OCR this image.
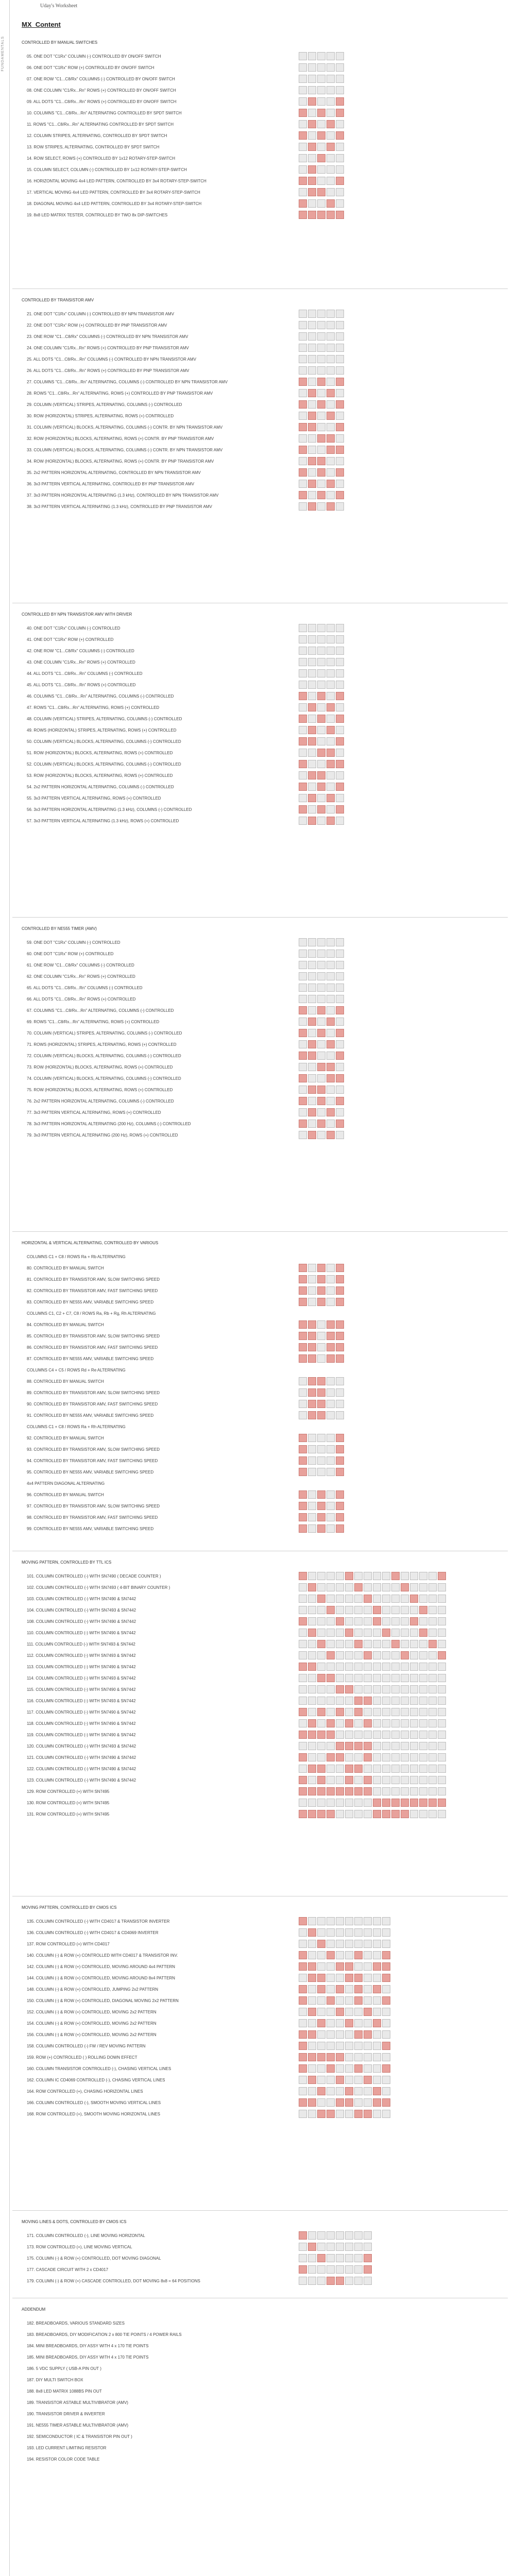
FUNDAMENTALS
Uday's Worksheet
MX_Content
CONTROLLED BY MANUAL SWITCHES
05. ONE DOT "C1Rx" COLUMN (-) CONTROLLED BY ON/OFF SWITCH
06. ONE DOT "C1Rx" ROW (+) CONTROLLED BY ON/OFF SWITCH
07. ONE ROW "C1...C8/Rx" COLUMNS (-) CONTROLLED BY ON/OFF SWITCH
08. ONE COLUMN "C1/Rx...Rn" ROWS (+) CONTROLLED BY ON/OFF SWITCH
09. ALL DOTS "C1...C8/Rx...Rn" ROWS (+) CONTROLLED BY ON/OFF SWITCH
10. COLUMNS "C1...C8/Rx...Rn" ALTERNATING CONTROLLED BY SPDT SWITCH
11. ROWS "C1...C8/Rx...Rn" ALTERNATING CONTROLLED BY SPDT SWITCH
12. COLUMN STRIPES, ALTERNATING, CONTROLLED BY SPDT SWITCH
13. ROW STRIPES, ALTERNATING, CONTROLLED BY SPDT SWITCH
14. ROW SELECT, ROWS (+) CONTROLLED BY 1x12 ROTARY-STEP-SWITCH
15. COLUMN SELECT, COLUMN (-) CONTROLLED BY 1x12 ROTARY-STEP-SWITCH
16. HORIZONTAL MOVING 4x4 LED PATTERN, CONTROLLED BY 3x4 ROTARY-STEP-SWITCH
17. VERTICAL MOVING 4x4 LED PATTERN, CONTROLLED BY 3x4 ROTARY-STEP-SWITCH
18. DIAGONAL MOVING 4x4 LED PATTERN, CONTROLLED BY 3x4 ROTARY-STEP-SWITCH
19. 8x8 LED MATRIX TESTER, CONTROLLED BY TWO 8x DIP-SWITCHES
CONTROLLED BY TRANSISTOR AMV
21. ONE DOT "C1Rx" COLUMN (-) CONTROLLED BY NPN TRANSISTOR AMV
22. ONE DOT "C1Rx" ROW (+) CONTROLLED BY PNP TRANSISTOR AMV
23. ONE ROW "C1...C8/Rx" COLUMNS (-) CONTROLLED BY NPN TRANSISTOR AMV
24. ONE COLUMN "C1/Rx...Rn" ROWS (+) CONTROLLED BY PNP TRANSISTOR AMV
25. ALL DOTS "C1...C8/Rx...Rn" COLUMNS (-) CONTROLLED BY NPN TRANSISTOR AMV
26. ALL DOTS "C1...C8/Rx...Rn" ROWS (+) CONTROLLED BY PNP TRANSISTOR AMV
27. COLUMNS "C1...C8/Rx...Rn" ALTERNATING, COLUMNS (-) CONTROLLED BY NPN TRANSISTOR AMV
28. ROWS "C1...C8/Rx...Rn" ALTERNATING, ROWS (+) CONTROLLED BY PNP TRANSISTOR AMV
29. COLUMN (VERTICAL) STRIPES, ALTERNATING, COLUMNS (-) CONTROLLED
30. ROW (HORIZONTAL) STRIPES, ALTERNATING, ROWS (+) CONTROLLED
31. COLUMN (VERTICAL) BLOCKS, ALTERNATING, COLUMNS (-) CONTR. BY NPN TRANSISTOR AMV
32. ROW (HORIZONTAL) BLOCKS, ALTERNATING, ROWS (+) CONTR. BY PNP TRANSISTOR AMV
33. COLUMN (VERTICAL) BLOCKS, ALTERNATING, COLUMNS (-) CONTR. BY NPN TRANSISTOR AMV
34. ROW (HORIZONTAL) BLOCKS, ALTERNATING, ROWS (+) CONTR. BY PNP TRANSISTOR AMV
35. 2x2 PATTERN HORIZONTAL ALTERNATING, CONTROLLED BY NPN TRANSISTOR AMV
36. 3x3 PATTERN VERTICAL ALTERNATING, CONTROLLED BY PNP TRANSISTOR AMV
37. 3x3 PATTERN HORIZONTAL ALTERNATING (1.3 kHz), CONTROLLED BY NPN TRANSISTOR AMV
38. 3x3 PATTERN VERTICAL ALTERNATING (1.3 kHz), CONTROLLED BY PNP TRANSISTOR AMV
CONTROLLED BY NPN TRANSISTOR AMV WITH DRIVER
40. ONE DOT "C1Rx" COLUMN (-) CONTROLLED
41. ONE DOT "C1Rx" ROW (+) CONTROLLED
42. ONE ROW "C1...C8/Rx" COLUMNS (-) CONTROLLED
43. ONE COLUMN "C1/Rx...Rn" ROWS (+) CONTROLLED
44. ALL DOTS "C1...C8/Rx...Rn" COLUMNS (-) CONTROLLED
45. ALL DOTS "C1...C8/Rx...Rn" ROWS (+) CONTROLLED
46. COLUMNS "C1...C8/Rx...Rn" ALTERNATING, COLUMNS (-) CONTROLLED
47. ROWS "C1...C8/Rx...Rn" ALTERNATING, ROWS (+) CONTROLLED
48. COLUMN (VERTICAL) STRIPES, ALTERNATING, COLUMNS (-) CONTROLLED
49. ROWS (HORIZONTAL) STRIPES, ALTERNATING, ROWS (+) CONTROLLED
50. COLUMN (VERTICAL) BLOCKS, ALTERNATING, COLUMNS (-) CONTROLLED
51. ROW (HORIZONTAL) BLOCKS, ALTERNATING, ROWS (+) CONTROLLED
52. COLUMN (VERTICAL) BLOCKS, ALTERNATING, COLUMNS (-) CONTROLLED
53. ROW (HORIZONTAL) BLOCKS, ALTERNATING, ROWS (+) CONTROLLED
54. 2x2 PATTERN HORIZONTAL ALTERNATING, COLUMNS (-) CONTROLLED
55. 3x3 PATTERN VERTICAL ALTERNATING, ROWS (+) CONTROLLED
56. 3x3 PATTERN HORIZONTAL ALTERNATING (1.3 kHz), COLUMNS (-) CONTROLLED
57. 3x3 PATTERN VERTICAL ALTERNATING (1.3 kHz), ROWS (+) CONTROLLED
CONTROLLED BY NE555 TIMER (AMV)
59. ONE DOT "C1Rx" COLUMN (-) CONTROLLED
60. ONE DOT "C1Rx" ROW (+) CONTROLLED
61. ONE ROW "C1...C8/Rx" COLUMNS (-) CONTROLLED
62. ONE COLUMN "C1/Rx...Rn" ROWS (+) CONTROLLED
65. ALL DOTS "C1...C8/Rx...Rn" COLUMNS (-) CONTROLLED
66. ALL DOTS "C1...C8/Rx...Rn" ROWS (+) CONTROLLED
67. COLUMNS "C1...C8/Rx...Rn" ALTERNATING, COLUMNS (-) CONTROLLED
69. ROWS "C1...C8/Rx...Rn" ALTERNATING, ROWS (+) CONTROLLED
70. COLUMN (VERTICAL) STRIPES, ALTERNATING, COLUMNS (-) CONTROLLED
71. ROWS (HORIZONTAL) STRIPES, ALTERNATING, ROWS (+) CONTROLLED
72. COLUMN (VERTICAL) BLOCKS, ALTERNATING, COLUMNS (-) CONTROLLED
73. ROW (HORIZONTAL) BLOCKS, ALTERNATING, ROWS (+) CONTROLLED
74. COLUMN (VERTICAL) BLOCKS, ALTERNATING, COLUMNS (-) CONTROLLED
75. ROW (HORIZONTAL) BLOCKS, ALTERNATING, ROWS (+) CONTROLLED
76. 2x2 PATTERN HORIZONTAL ALTERNATING, COLUMNS (-) CONTROLLED
77. 3x3 PATTERN VERTICAL ALTERNATING, ROWS (+) CONTROLLED
78. 3x3 PATTERN HORIZONTAL ALTERNATING (200 Hz), COLUMNS (-) CONTROLLED
79. 3x3 PATTERN VERTICAL ALTERNATING (200 Hz), ROWS (+) CONTROLLED
HORIZONTAL & VERTICAL ALTERNATING, CONTROLLED BY VARIOUS
COLUMNS C1 + C8 / ROWS Ra + Rb ALTERNATING
80. CONTROLLED BY MANUAL SWITCH
81. CONTROLLED BY TRANSISTOR AMV, SLOW SWITCHING SPEED
82. CONTROLLED BY TRANSISTOR AMV, FAST SWITCHING SPEED
83. CONTROLLED BY NE555 AMV, VARIABLE SWITCHING SPEED
COLUMNS C1, C2 + C7, C8 / ROWS Ra, Rb + Rg, Rh ALTERNATING
84. CONTROLLED BY MANUAL SWITCH
85. CONTROLLED BY TRANSISTOR AMV, SLOW SWITCHING SPEED
86. CONTROLLED BY TRANSISTOR AMV, FAST SWITCHING SPEED
87. CONTROLLED BY NE555 AMV, VARIABLE SWITCHING SPEED
COLUMNS C4 + C5 / ROWS Rd + Re ALTERNATING
88. CONTROLLED BY MANUAL SWITCH
89. CONTROLLED BY TRANSISTOR AMV, SLOW SWITCHING SPEED
90. CONTROLLED BY TRANSISTOR AMV, FAST SWITCHING SPEED
91. CONTROLLED BY NE555 AMV, VARIABLE SWITCHING SPEED
COLUMNS C1 + C8 / ROWS Ra + Rh ALTERNATING
92. CONTROLLED BY MANUAL SWITCH
93. CONTROLLED BY TRANSISTOR AMV, SLOW SWITCHING SPEED
94. CONTROLLED BY TRANSISTOR AMV, FAST SWITCHING SPEED
95. CONTROLLED BY NE555 AMV, VARIABLE SWITCHING SPEED
4x4 PATTERN DIAGONAL ALTERNATING
96. CONTROLLED BY MANUAL SWITCH
97. CONTROLLED BY TRANSISTOR AMV, SLOW SWITCHING SPEED
98. CONTROLLED BY TRANSISTOR AMV, FAST SWITCHING SPEED
99. CONTROLLED BY NE555 AMV, VARIABLE SWITCHING SPEED
MOVING PATTERN, CONTROLLED BY TTL ICS
101. COLUMN CONTROLLED (-) WITH SN7490 ( DECADE COUNTER )
102. COLUMN CONTROLLED (-) WITH SN7493 ( 4-BIT BINARY COUNTER )
103. COLUMN CONTROLLED (-) WITH SN7490 & SN7442
104. COLUMN CONTROLLED (-) WITH SN7493 & SN7442
108. COLUMN CONTROLLED (-) WITH SN7490 & SN7442
110. COLUMN CONTROLLED (-) WITH SN7490 & SN7442
111. COLUMN CONTROLLED (-) WITH SN7493 & SN7442
112. COLUMN CONTROLLED (-) WITH SN7493 & SN7442
113. COLUMN CONTROLLED (-) WITH SN7490 & SN7442
114. COLUMN CONTROLLED (-) WITH SN7493 & SN7442
115. COLUMN CONTROLLED (-) WITH SN7490 & SN7442
116. COLUMN CONTROLLED (-) WITH SN7493 & SN7442
117. COLUMN CONTROLLED (-) WITH SN7490 & SN7442
118. COLUMN CONTROLLED (-) WITH SN7490 & SN7442
119. COLUMN CONTROLLED (-) WITH SN7490 & SN7442
120. COLUMN CONTROLLED (-) WITH SN7493 & SN7442
121. COLUMN CONTROLLED (-) WITH SN7490 & SN7442
122. COLUMN CONTROLLED (-) WITH SN7490 & SN7442
123. COLUMN CONTROLLED (-) WITH SN7490 & SN7442
129. ROW CONTROLLED (+) WITH SN7495
130. ROW CONTROLLED (+) WITH SN7495
131. ROW CONTROLLED (+) WITH SN7495
MOVING PATTERN, CONTROLLED BY CMOS ICS
135. COLUMN CONTROLLED (-) WITH CD4017 & TRANSISTOR INVERTER
136. COLUMN CONTROLLED (-) WITH CD4017 & CD4069 INVERTER
137. ROW CONTROLLED (+) WITH CD4017
140. COLUMN (-) & ROW (+) CONTROLLED WITH CD4017 & TRANSISTOR INV.
142. COLUMN (-) & ROW (+) CONTROLLED, MOVING AROUND 4x4 PATTERN
144. COLUMN (-) & ROW (+) CONTROLLED, MOVING AROUND 8x4 PATTERN
148. COLUMN (-) & ROW (+) CONTROLLED, JUMPING 2x2 PATTERN
150. COLUMN (-) & ROW (+) CONTROLLED, DIAGONAL MOVING 2x2 PATTERN
152. COLUMN (-) & ROW (+) CONTROLLED, MOVING 2x2 PATTERN
154. COLUMN (-) & ROW (+) CONTROLLED, MOVING 2x2 PATTERN
156. COLUMN (-) & ROW (+) CONTROLLED, MOVING 2x2 PATTERN
158. COLUMN CONTROLLED (-) FW / REV MOVING PATTERN
159. ROW (+) CONTROLLED ( ) ROLLING DOWN EFFECT
160. COLUMN TRANSISTOR CONTROLLED (-), CHASING VERTICAL LINES
162. COLUMN IC CD4069 CONTROLLED (-), CHASING VERTICAL LINES
164. ROW CONTROLLED (+), CHASING HORIZONTAL LINES
166. COLUMN CONTROLLED (-), SMOOTH MOVING VERTICAL LINES
168. ROW CONTROLLED (+), SMOOTH MOVING HORIZONTAL LINES
MOVING LINES & DOTS, CONTROLLED BY CMOS ICS
171. COLUMN CONTROLLED (-), LINE MOVING HORIZONTAL
173. ROW CONTROLLED (+), LINE MOVING VERTICAL
175. COLUMN (-) & ROW (+) CONTROLLED, DOT MOVING DIAGONAL
177. CASCADE CIRCUIT WITH 2 x CD4017
179. COLUMN (-) & ROW (+) CASCADE CONTROLLED, DOT MOVING 8x8 = 64 POSITIONS
ADDENDUM
182. BREADBOARDS, VARIOUS STANDARD SIZES
183. BREADBOARDS, DIY MODIFICATION 2 x 800 TIE POINTS / 4 POWER RAILS
184. MINI BREADBOARDS, DIY ASSY WITH 4 x 170 TIE POINTS
185. MINI BREADBOARDS, DIY ASSY WITH 4 x 170 TIE POINTS
186. 5 VDC SUPPLY ( USB-A PIN OUT )
187. DIY MULTI SWITCH BOX
188. 8x8 LED MATRIX 1088BS PIN OUT
189. TRANSISTOR ASTABLE MULTIVIBRATOR (AMV)
190. TRANSISTOR DRIVER & INVERTER
191. NE555 TIMER ASTABLE MULTIVIBRATOR (AMV)
192. SEMICONDUCTOR ( IC & TRANSISTOR PIN OUT )
193. LED CURRENT LIMITING RESISTOR
194. RESISTOR COLOR CODE TABLE
